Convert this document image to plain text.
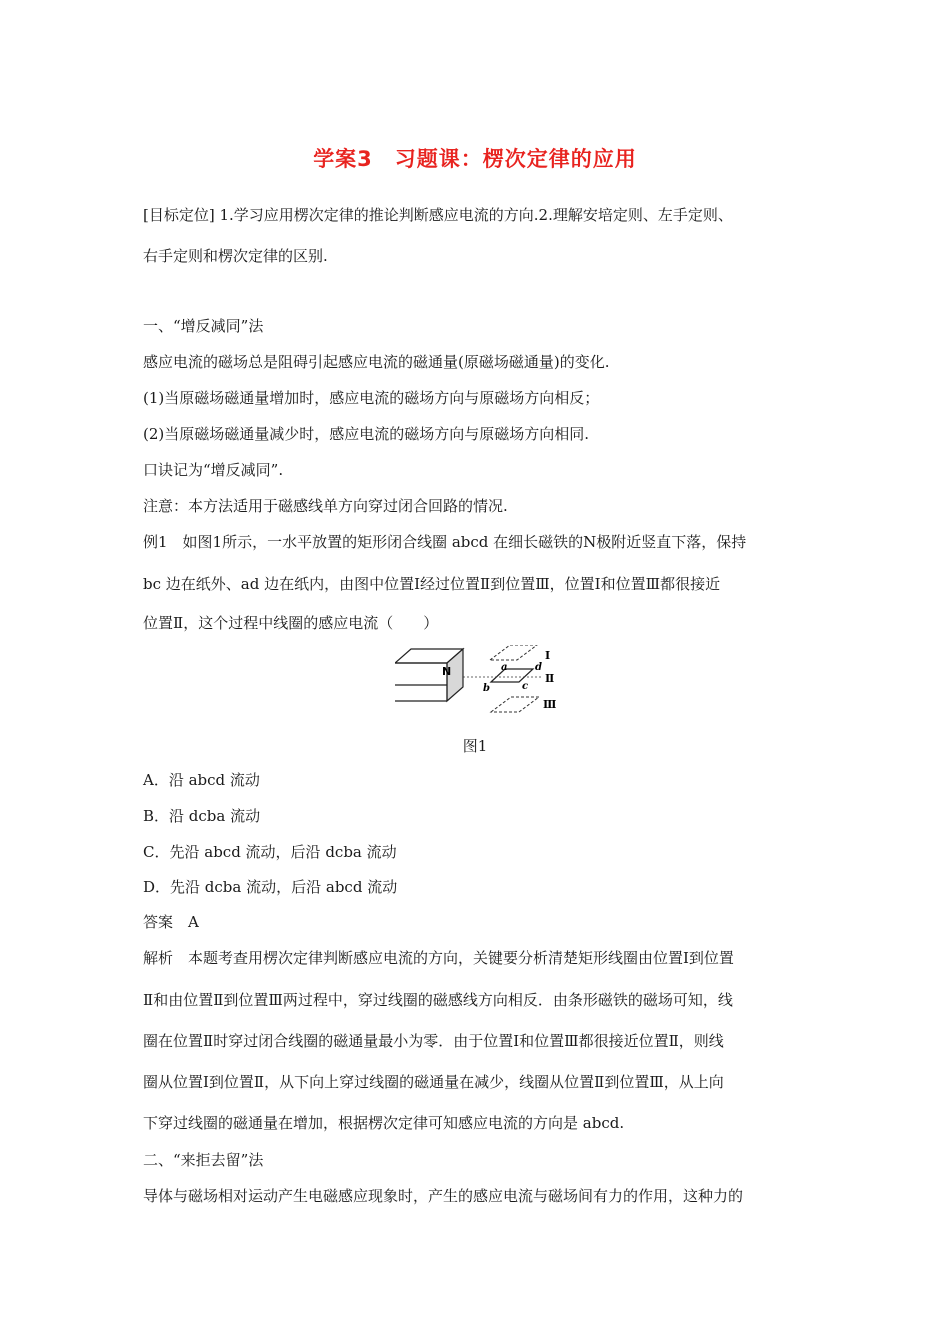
学案3　习题课：楞次定律的应用
[目标定位] 1.学习应用楞次定律的推论判断感应电流的方向.2.理解安培定则、左手定则、
右手定则和楞次定律的区别.
一、“增反减同”法
感应电流的磁场总是阻碍引起感应电流的磁通量(原磁场磁通量)的变化.
(1)当原磁场磁通量增加时，感应电流的磁场方向与原磁场方向相反；
(2)当原磁场磁通量减少时，感应电流的磁场方向与原磁场方向相同.
口诀记为“增反减同”.
注意：本方法适用于磁感线单方向穿过闭合回路的情况.
例1　如图1所示，一水平放置的矩形闭合线圈 abcd 在细长磁铁的N极附近竖直下落，保持
bc 边在纸外、ad 边在纸内，由图中位置Ⅰ经过位置Ⅱ到位置Ⅲ，位置Ⅰ和位置Ⅲ都很接近
位置Ⅱ，这个过程中线圈的感应电流（　　）
N	a
b	c
d
Ⅰ
Ⅱ
Ⅲ
图1
A．沿 abcd 流动
B．沿 dcba 流动
C．先沿 abcd 流动，后沿 dcba 流动
D．先沿 dcba 流动，后沿 abcd 流动
答案　A
解析　本题考查用楞次定律判断感应电流的方向，关键要分析清楚矩形线圈由位置Ⅰ到位置
Ⅱ和由位置Ⅱ到位置Ⅲ两过程中，穿过线圈的磁感线方向相反．由条形磁铁的磁场可知，线
圈在位置Ⅱ时穿过闭合线圈的磁通量最小为零．由于位置Ⅰ和位置Ⅲ都很接近位置Ⅱ，则线
圈从位置Ⅰ到位置Ⅱ，从下向上穿过线圈的磁通量在减少，线圈从位置Ⅱ到位置Ⅲ，从上向
下穿过线圈的磁通量在增加，根据楞次定律可知感应电流的方向是 abcd.
二、“来拒去留”法
导体与磁场相对运动产生电磁感应现象时，产生的感应电流与磁场间有力的作用，这种力的
